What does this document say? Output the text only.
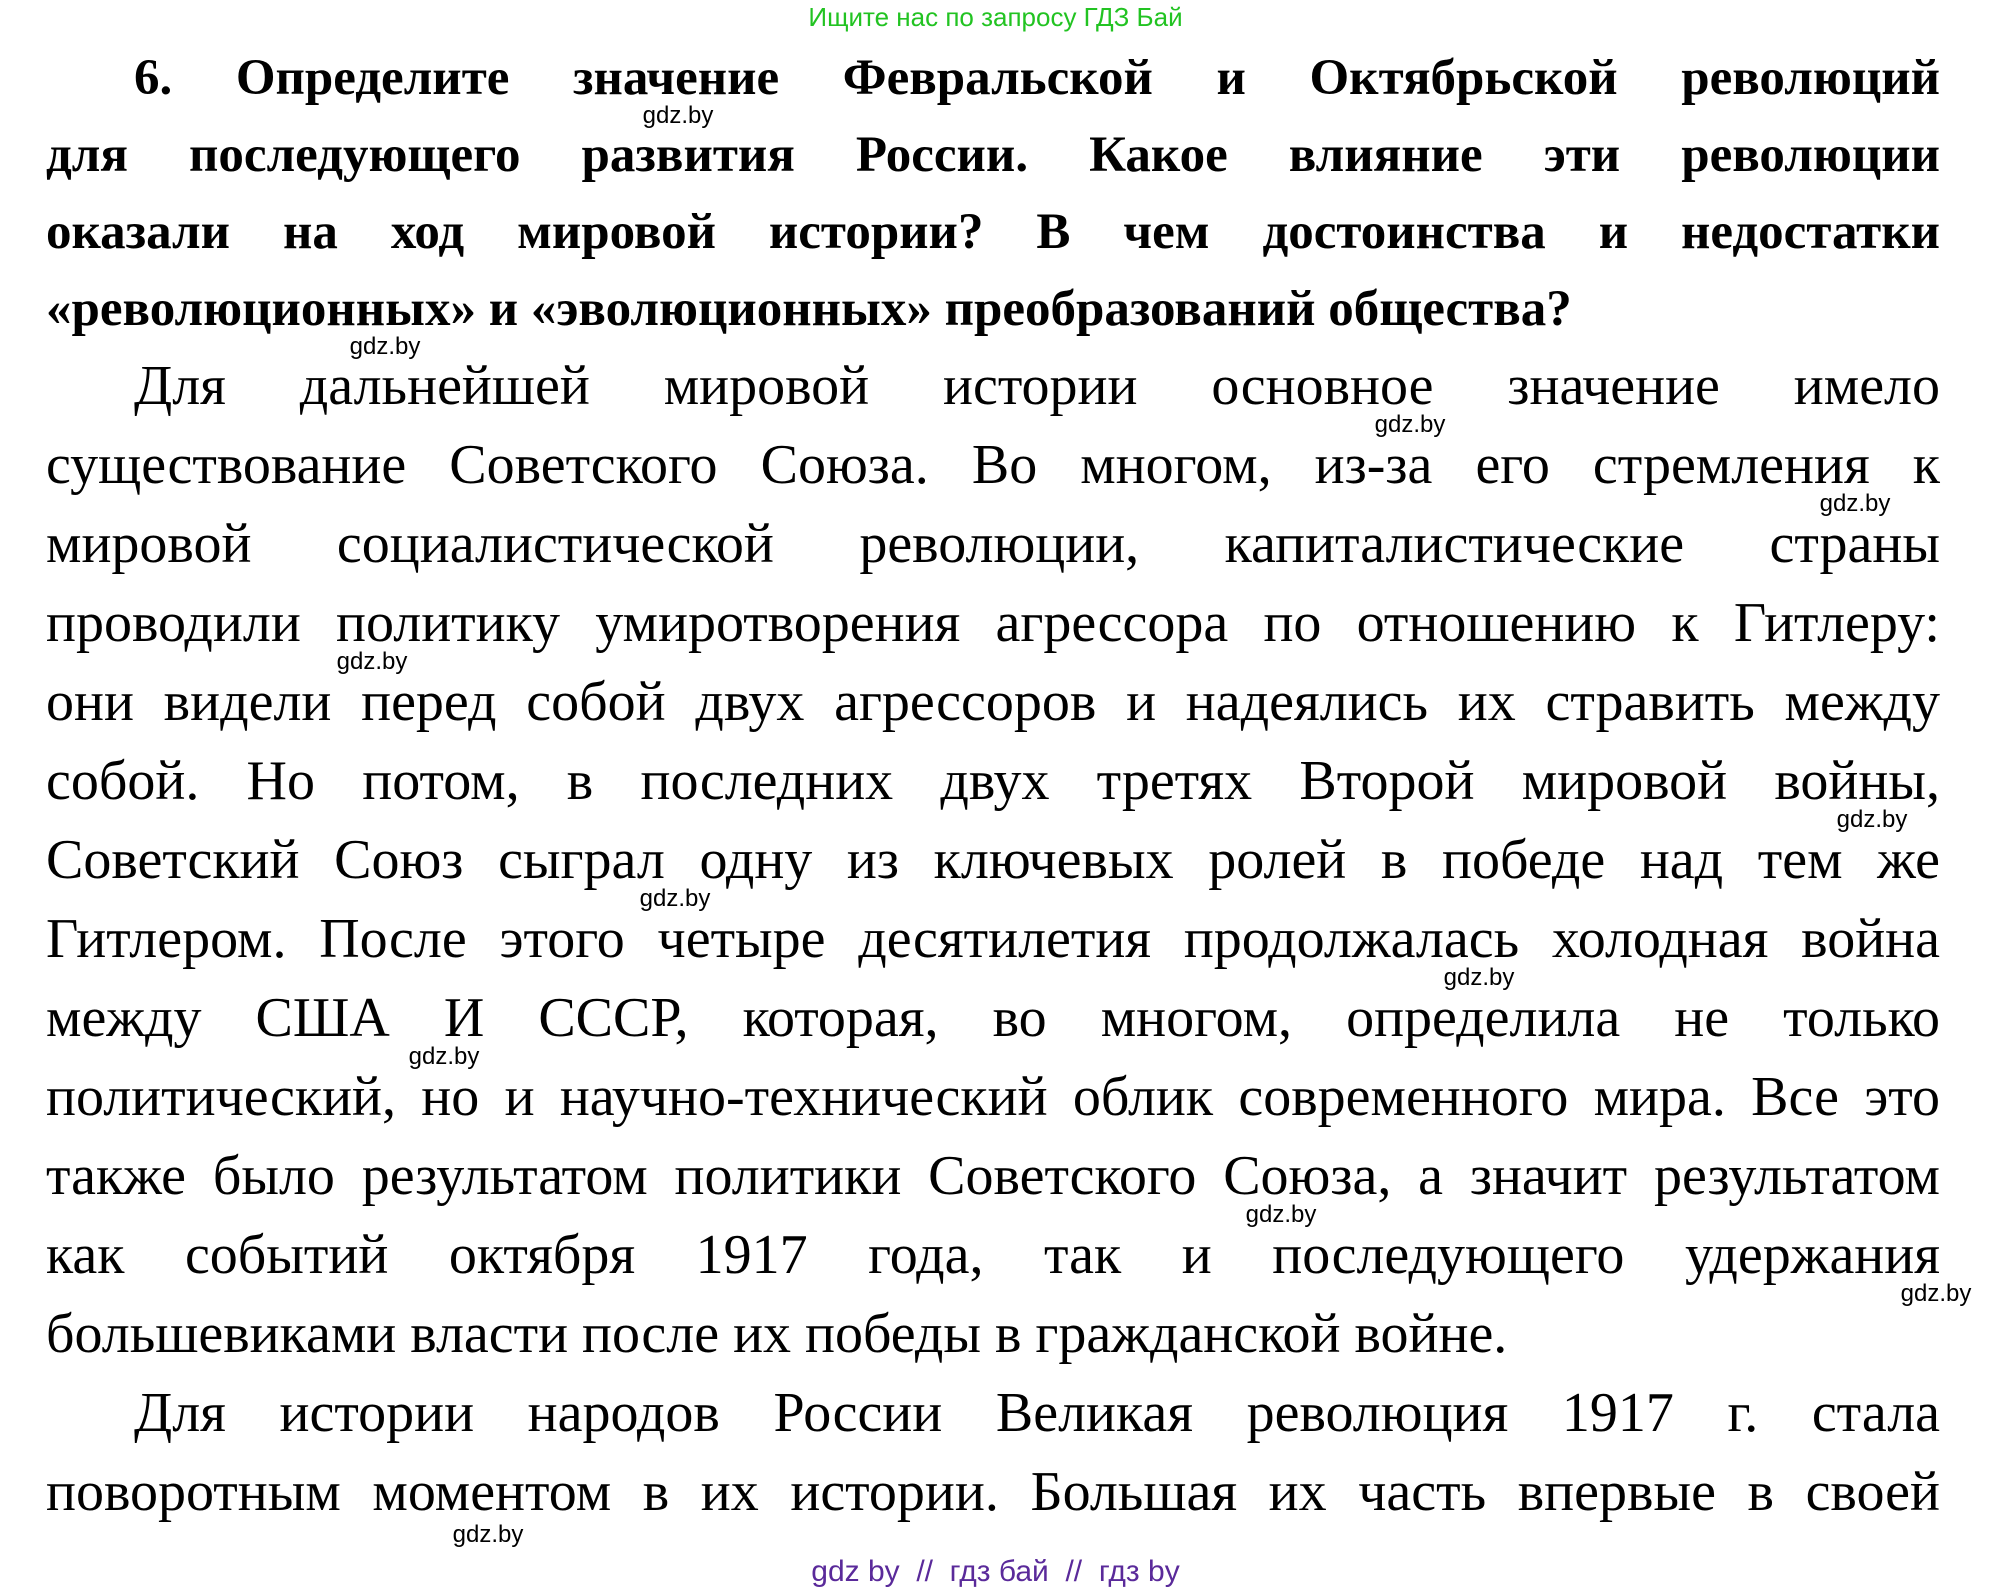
Ищите нас по запросу ГДЗ Бай
6. Определите значение Февральской и Октябрьской революций
для последующего развития России. Какое влияние эти революции
оказали на ход мировой истории? В чем достоинства и недостатки
«революционных» и «эволюционных» преобразований общества?
Для дальнейшей мировой истории основное значение имело
существование Советского Союза. Во многом, из-за его стремления к
мировой социалистической революции, капиталистические страны
проводили политику умиротворения агрессора по отношению к Гитлеру:
они видели перед собой двух агрессоров и надеялись их стравить между
собой. Но потом, в последних двух третях Второй мировой войны,
Советский Союз сыграл одну из ключевых ролей в победе над тем же
Гитлером. После этого четыре десятилетия продолжалась холодная война
между США И СССР, которая, во многом, определила не только
политический, но и научно-технический облик современного мира. Все это
также было результатом политики Советского Союза, а значит результатом
как событий октября 1917 года, так и последующего удержания
большевиками власти после их победы в гражданской войне.
Для истории народов России Великая революция 1917 г. стала
поворотным моментом в их истории. Большая их часть впервые в своей
gdz.by
gdz.by
gdz.by
gdz.by
gdz.by
gdz.by
gdz.by
gdz.by
gdz.by
gdz.by
gdz.by
gdz.by
gdz by  //  гдз бай  //  гдз by
